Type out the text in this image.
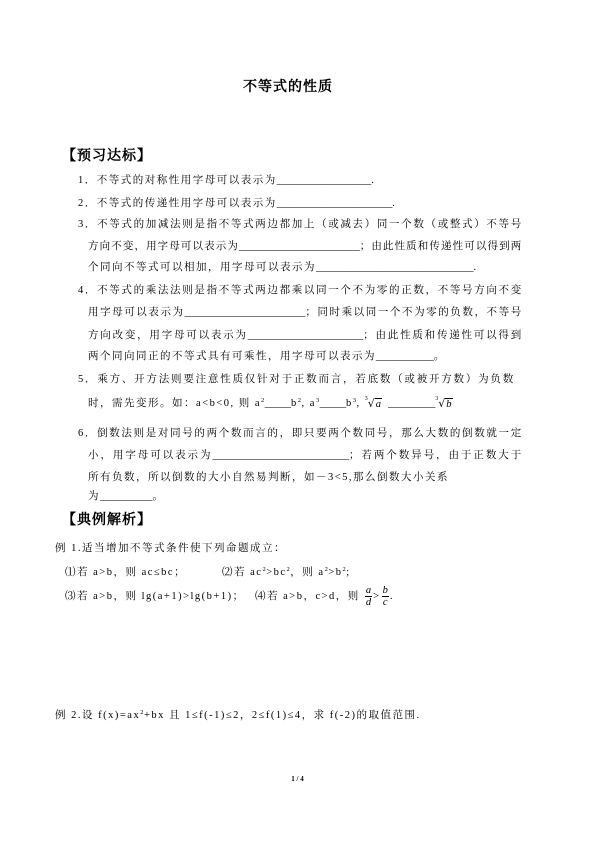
不等式的性质
【预习达标】
1．不等式的对称性用字母可以表示为__________________.
2．不等式的传递性用字母可以表示为______________________.
3．不等式的加减法则是指不等式两边都加上（或减去）同一个数（或整式）不等号
方向不变，用字母可以表示为_______________________；由此性质和传递性可以得到两
个同向不等式可以相加，用字母可以表示为______________________________.
4．不等式的乘法法则是指不等式两边都乘以同一个不为零的正数，不等号方向不变
用字母可以表示为_______________________；同时乘以同一个不为零的负数，不等号
方向改变，用字母可以表示为______________________；由此性质和传递性可以得到
两个同向同正的不等式具有可乘性，用字母可以表示为___________。
5．乘方、开方法则要注意性质仅针对于正数而言，若底数（或被开方数）为负数
时，需先变形。如：a<b<0, 则 $a^2\_\_\_\_\_b^2$, $a^3\_\_\_\_\_b^3$, 3 √a _________ 3 √b
6．倒数法则是对同号的两个数而言的，即只要两个数同号，那么大数的倒数就一定
小，用字母可以表示为__________________________；若两个数异号，由于正数大于
所有负数，所以倒数的大小自然易判断，如－3<5,那么倒数大小关系
为__________。
【典例解析】
例 1.适当增加不等式条件使下列命题成立：
⑴若 a>b，则 ac≤bc；	⑵若 $ac^2>bc^2$，则 $a^2>b^2$;
⑶若 a>b，则 lg(a+1)>lg(b+1)； ⑷若 a>b，c>d，则 $\frac{a}{d} > \frac{b}{c}$ .
例 2.设 $f(x)=ax^2+bx$ 且 1≤f(-1)≤2，2≤f(1)≤4，求 f(-2)的取值范围.
1 / 4
